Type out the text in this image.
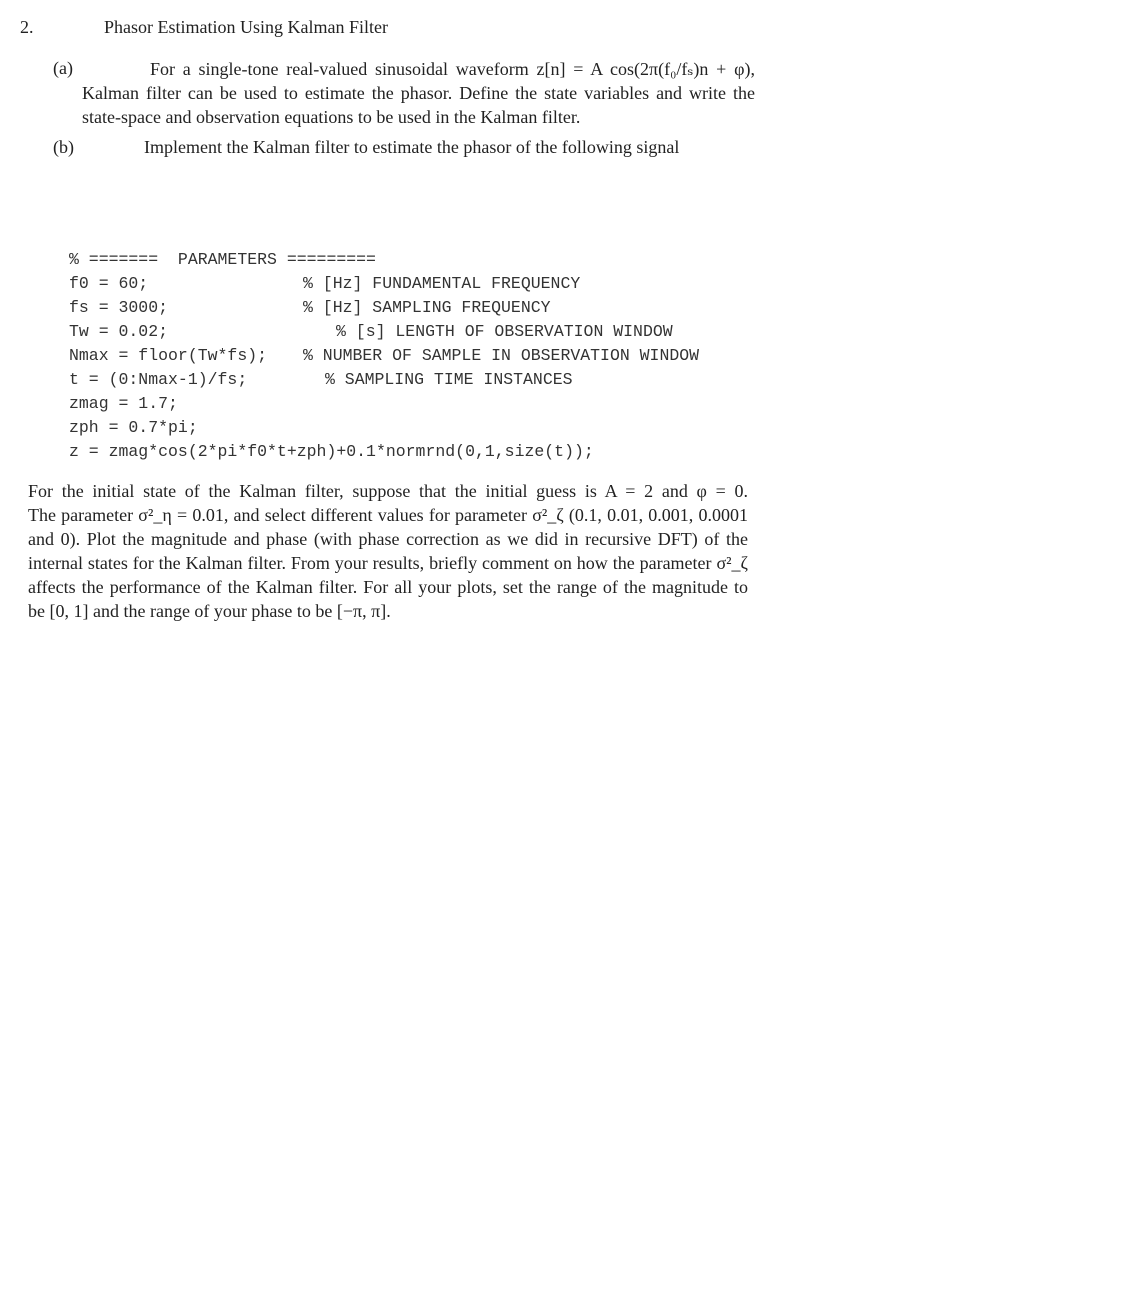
2.	Phasor Estimation Using Kalman Filter
(a)	For a single-tone real-valued sinusoidal waveform z[n] = A cos(2π(f₀/fₛ)n + φ),
Kalman filter can be used to estimate the phasor. Define the state variables and write the
state-space and observation equations to be used in the Kalman filter.
(b)	Implement the Kalman filter to estimate the phasor of the following signal
% =======  PARAMETERS =========
f0 = 60;	% [Hz] FUNDAMENTAL FREQUENCY
fs = 3000;	% [Hz] SAMPLING FREQUENCY
Tw = 0.02;	% [s] LENGTH OF OBSERVATION WINDOW
Nmax = floor(Tw*fs); % NUMBER OF SAMPLE IN OBSERVATION WINDOW
t = (0:Nmax-1)/fs;	% SAMPLING TIME INSTANCES
zmag = 1.7;
zph = 0.7*pi;
z = zmag*cos(2*pi*f0*t+zph)+0.1*normrnd(0,1,size(t));
For the initial state of the Kalman filter, suppose that the initial guess is A = 2 and φ = 0.
The parameter σ²_η = 0.01, and select different values for parameter σ²_ζ (0.1, 0.01, 0.001, 0.0001
and 0). Plot the magnitude and phase (with phase correction as we did in recursive DFT) of the
internal states for the Kalman filter. From your results, briefly comment on how the parameter σ²_ζ
affects the performance of the Kalman filter. For all your plots, set the range of the magnitude to
be [0, 1] and the range of your phase to be [−π, π].
